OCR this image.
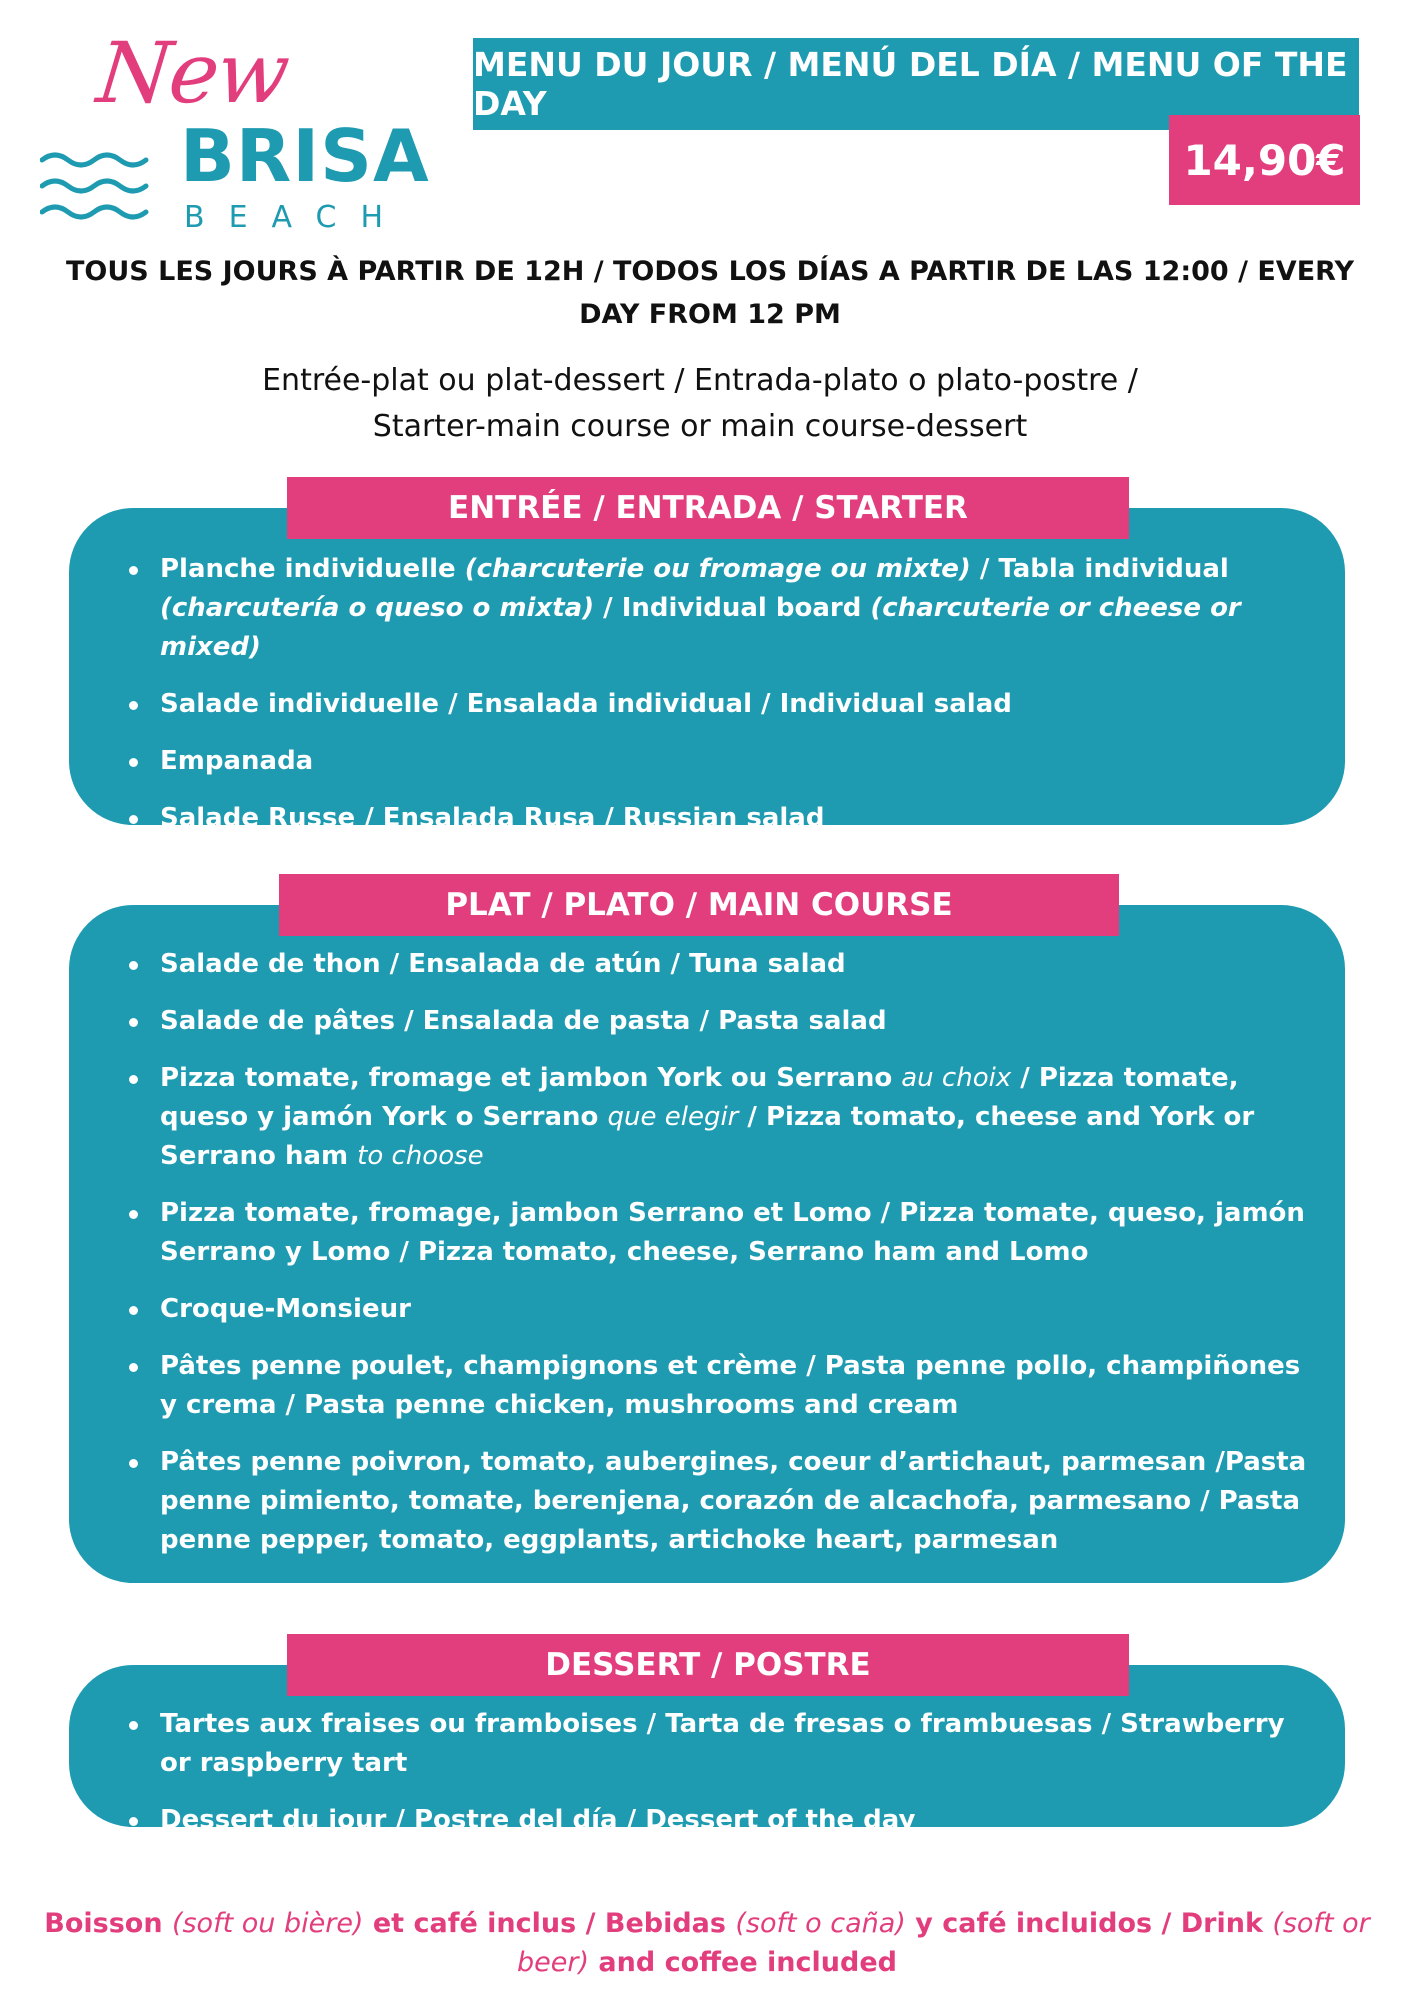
New
BRISA
BEACH
MENU DU JOUR / MENÚ DEL DÍA / MENU OF THE DAY
14,90€
TOUS LES JOURS À PARTIR DE 12H / TODOS LOS DÍAS A PARTIR DE LAS 12:00 / EVERY DAY FROM 12 PM
Entrée-plat ou plat-dessert / Entrada-plato o plato-postre /
Starter-main course or main course-dessert
Planche individuelle (charcuterie ou fromage ou mixte) / Tabla individual (charcutería o queso o mixta) / Individual board (charcuterie or cheese or mixed)
Salade individuelle / Ensalada individual / Individual salad
Empanada
Salade Russe / Ensalada Rusa / Russian salad
ENTRÉE / ENTRADA / STARTER
Salade de thon / Ensalada de atún / Tuna salad
Salade de pâtes / Ensalada de pasta / Pasta salad
Pizza tomate, fromage et jambon York ou Serrano au choix / Pizza tomate, queso y jamón York o Serrano que elegir / Pizza tomato, cheese and York or Serrano ham to choose
Pizza tomate, fromage, jambon Serrano et Lomo / Pizza tomate, queso, jamón Serrano y Lomo / Pizza tomato, cheese, Serrano ham and Lomo
Croque-Monsieur
Pâtes penne poulet, champignons et crème / Pasta penne pollo, champiñones y crema / Pasta penne chicken, mushrooms and cream
Pâtes penne poivron, tomato, aubergines, coeur d’artichaut, parmesan /Pasta penne pimiento, tomate, berenjena, corazón de alcachofa, parmesano / Pasta penne pepper, tomato, eggplants, artichoke heart, parmesan
PLAT / PLATO / MAIN COURSE
Tartes aux fraises ou framboises / Tarta de fresas o frambuesas / Strawberry or raspberry tart
Dessert du jour / Postre del día / Dessert of the day
DESSERT / POSTRE
Boisson (soft ou bière) et café inclus / Bebidas (soft o caña) y café incluidos / Drink (soft or beer) and coffee included
